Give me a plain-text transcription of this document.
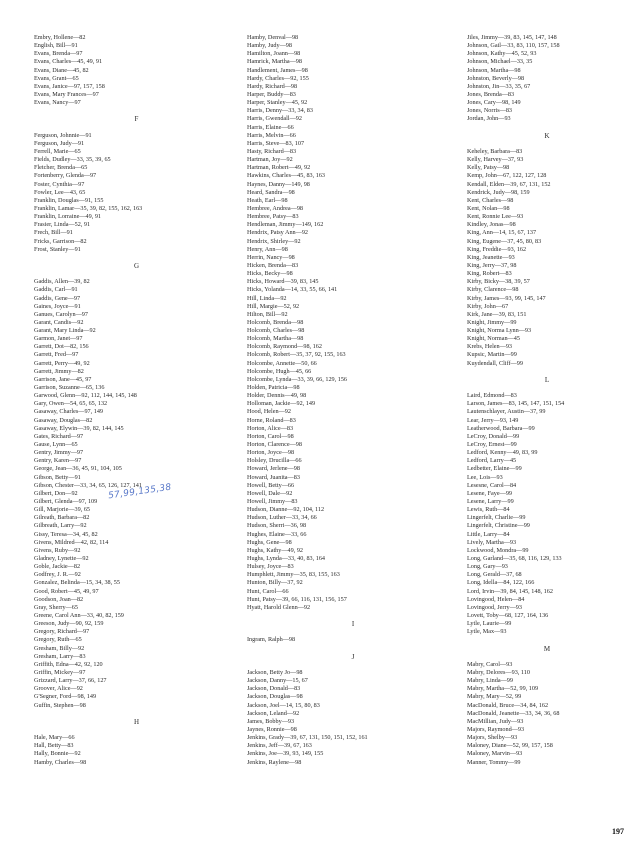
Embry, Hollene—82
English, Bill—91
Evans, Brenda—97
Evans, Charles—45, 49, 91
Evans, Diane—45, 82
Evans, Grant—65
Evans, Janice—97, 157, 158
Evans, Mary Frances—97
Evans, Nancy—97
F
Ferguson, Johnnie—91
Ferguson, Judy—91
Ferrell, Marie—65
Fields, Dudley—33, 35, 39, 65
Fletcher, Brenda—65
Fortenberry, Glenda—97
Foster, Cynthia—97
Fowler, Lee—43, 65
Franklin, Douglas—91, 155
Franklin, Lamar—35, 39, 82, 155, 162, 163
Franklin, Lorraine—49, 91
Frasier, Linda—52, 91
Frech, Bill—91
Fricks, Garrison—82
Frost, Stanley—91
G
Gaddis, Allen—39, 82
Gaddis, Carl—91
Gaddis, Gene—97
Gaines, Joyce—91
Ganues, Carolyn—97
Garant, Candis—92
Garant, Mary Linda—92
Garmon, Janet—97
Garrett, Dot—82, 156
Garrett, Fred—97
Garrett, Perry—49, 92
Garrett, Jimmy—82
Garrison, Jane—45, 97
Garrison, Suzanne—65, 136
Garwood, Glenn—92, 112, 144, 145, 148
Gary, Owen—54, 65, 65, 132
Gasaway, Charles—97, 149
Gasaway, Douglas—82
Gasaway, Elywin—39, 82, 144, 145
Gates, Richard—97
Gause, Lynn—65
Gentry, Jimmy—97
Gentry, Karen—97
George, Jean—36, 45, 91, 104, 105
Gibson, Betty—91
Gibson, Chester—33, 34, 65, 126, 127, 141
Gilbert, Don—92
Gilbert, Glenda—97, 109
Gill, Marjorie—39, 65
Gilreath, Barbara—82
Gilbreath, Larry—92
Gissy, Teresa—34, 45, 82
Givens, Mildred—42, 82, 114
Givens, Ruby—92
Gladney, Lynette—92
Goble, Jackie—82
Godfrey, J. R.—92
Gonzalez, Belinda—15, 34, 38, 55
Good, Robert—45, 49, 97
Goodson, Joan—82
Gray, Sherry—65
Greene, Carol Ann—33, 40, 82, 159
Greeson, Judy—90, 92, 159
Gregory, Richard—97
Gregory, Ruth—65
Gresham, Billy—92
Gresham, Larry—83
Griffith, Edna—42, 92, 120
Griffin, Mickey—97
Grizzard, Larry—37, 66, 127
Groover, Alice—92
G'Segner, Ford—98, 149
Guffin, Stephen—98
H
Hale, Mary—66
Hall, Betty—83
Hally, Bonnie—92
Hamby, Charles—98
Hamby, Denval—98
Hamby, Judy—98
Hamilton, Joann—98
Hamrick, Martha—98
Handlement, James—98
Hardy, Charles—92, 155
Hardy, Richard—98
Harper, Buddy—83
Harper, Stanley—45, 92
Harris, Denny—33, 34, 83
Harris, Gwendall—92
Harris, Elaine—66
Harris, Melvin—66
Harris, Steve—83, 107
Hasty, Richard—83
Hartman, Joy—92
Hartman, Robert—49, 92
Hawkins, Charles—45, 83, 163
Haynes, Danny—149, 98
Heard, Sandra—98
Heath, Earl—98
Hembree, Andrea—98
Hembree, Patsy—83
Hendleman, Jimmy—149, 162
Hendrix, Patsy Ann—92
Hendrix, Shirley—92
Henry, Ann—98
Herrin, Nancy—98
Hicken, Brenda—83
Hicks, Becky—98
Hicks, Howard—39, 83, 145
Hicks, Yolanda—14, 33, 55, 66, 141
Hill, Linda—92
Hill, Margie—52, 92
Hilton, Bill—92
Holcomb, Brenda—98
Holcomb, Charles—98
Holcomb, Martha—98
Holcomb, Raymond—98, 162
Holcomb, Robert—35, 37, 92, 155, 163
Holcombe, Annette—50, 66
Holcombe, Hugh—45, 66
Holcombe, Lynda—33, 39, 66, 129, 156
Holden, Patricia—98
Holder, Dennis—49, 98
Holloman, Jackie—92, 149
Hood, Helen—92
Horne, Roland—83
Horton, Alice—83
Horton, Carol—98
Horton, Clarence—98
Horton, Joyce—98
Holsley, Drucilla—66
Howard, Jerlene—98
Howard, Juanita—83
Howell, Betty—66
Howell, Dale—92
Howell, Jimmy—83
Hudson, Dianne—92, 104, 112
Hudson, Luther—33, 34, 66
Hudson, Sherri—36, 98
Hughes, Elaine—33, 66
Hughs, Gene—98
Hughs, Kathy—49, 92
Hughs, Lynda—33, 40, 83, 164
Hulsey, Joyce—83
Humphlett, Jimmy—35, 83, 155, 163
Hunton, Billy—37, 92
Hunt, Carol—66
Hunt, Patsy—39, 66, 116, 131, 156, 157
Hyatt, Harold Glenn—92
I
Ingram, Ralph—98
J
Jackson, Betty Jo—98
Jackson, Danny—15, 67
Jackson, Donald—83
Jackson, Douglas—98
Jackson, Joel—14, 15, 80, 83
Jackson, Leland—92
James, Bobby—93
Jaynes, Ronnie—98
Jenkins, Grady—39, 67, 131, 150, 151, 152, 161
Jenkins, Jeff—39, 67, 163
Jenkins, Joe—39, 93, 149, 155
Jenkins, Raylene—98
Jiles, Jimmy—39, 83, 145, 147, 148
Johnson, Gail—33, 83, 110, 157, 158
Johnson, Kathy—45, 52, 93
Johnson, Michael—33, 35
Johnson, Martha—98
Johnston, Beverly—98
Johnston, Jin—33, 35, 67
Jones, Brenda—83
Jones, Cary—98, 149
Jones, Norris—83
Jordan, John—93
K
Keheley, Barbara—83
Kelly, Harvey—37, 93
Kelly, Patsy—98
Kemp, John—67, 122, 127, 128
Kendall, Elden—39, 67, 131, 152
Kendrick, Judy—98, 159
Kent, Charles—98
Kent, Nolan—98
Kent, Ronnie Lee—93
Kindley, Jonas—98
King, Ann—14, 15, 67, 137
King, Eugene—37, 45, 80, 83
King, Freddie—93, 162
King, Jeanette—93
King, Jerry—37, 98
King, Robert—83
Kirby, Bicky—38, 39, 57
Kirby, Clarence—98
Kirby, James—93, 99, 145, 147
Kirby, John—67
Kirk, Jane—39, 83, 151
Knight, Jimmy—99
Knight, Norma Lynn—93
Knight, Norman—45
Krebs, Helen—93
Kupsic, Martin—99
Kuydendall, Cliff—99
L
Laird, Edmond—83
Larson, James—83, 145, 147, 151, 154
Lautenschlayer, Austin—37, 99
Lear, Jerry—93, 149
Leatherwood, Barbara—99
LeCroy, Donald—99
LeCroy, Ernest—99
Ledford, Kenny—49, 83, 99
Ledford, Larry—45
Ledbetter, Elaine—99
Lee, Lois—93
Lesesne, Carol—84
Lesene, Faye—99
Lesene, Larry—99
Lewis, Ruth—84
Lingerfelt, Charlie—99
Lingerfelt, Christine—99
Little, Larry—84
Lively, Martha—93
Lockwood, Mondra—99
Long, Garland—35, 68, 116, 129, 133
Long, Gary—93
Long, Gerald—37, 68
Long, Idella—84, 122, 166
Lord, Irvin—39, 84, 145, 148, 162
Lovingood, Helen—84
Lovingood, Jerry—93
Lovett, Toby—68, 127, 164, 136
Lytle, Laurie—99
Lytle, Max—93
M
Mabry, Carol—93
Mabry, Delores—93, 110
Mabry, Linda—99
Mabry, Martha—52, 99, 109
Mabry, Mary—52, 99
MacDonald, Bruce—34, 84, 162
MacDonald, Jeanette—33, 34, 36, 68
MacMillian, Judy—93
Majors, Raymond—93
Majors, Shelby—93
Maloney, Diane—52, 99, 157, 158
Maloney, Marvin—93
Manner, Tommy—99
57,99,135,38
197
